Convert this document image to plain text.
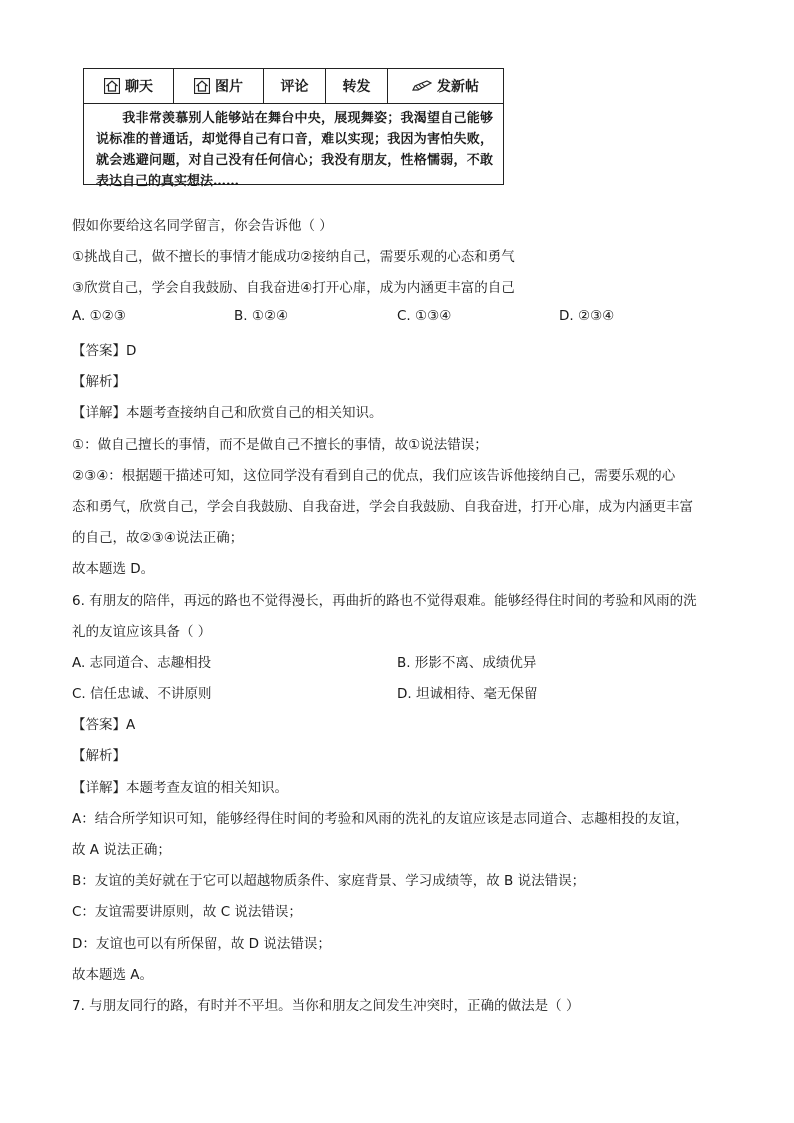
聊天	图片	评论 转发	发新帖
我非常羡慕别人能够站在舞台中央，展现舞姿；我渴望自己能够说标准的普通话，却觉得自己有口音，难以实现；我因为害怕失败，就会逃避问题，对自己没有任何信心；我没有朋友，性格懦弱，不敢表达自己的真实想法……
假如你要给这名同学留言，你会告诉他（ ）
①挑战自己，做不擅长的事情才能成功②接纳自己，需要乐观的心态和勇气
③欣赏自己，学会自我鼓励、自我奋进④打开心扉，成为内涵更丰富的自己
A. ①②③	B. ①②④	C. ①③④	D. ②③④
【答案】D
【解析】
【详解】本题考查接纳自己和欣赏自己的相关知识。
①：做自己擅长的事情，而不是做自己不擅长的事情，故①说法错误；
②③④：根据题干描述可知，这位同学没有看到自己的优点，我们应该告诉他接纳自己，需要乐观的心
态和勇气，欣赏自己，学会自我鼓励、自我奋进，学会自我鼓励、自我奋进，打开心扉，成为内涵更丰富
的自己，故②③④说法正确；
故本题选 D。
6. 有朋友的陪伴，再远的路也不觉得漫长，再曲折的路也不觉得艰难。能够经得住时间的考验和风雨的洗
礼的友谊应该具备（ ）
A. 志同道合、志趣相投	B. 形影不离、成绩优异
C. 信任忠诚、不讲原则	D. 坦诚相待、毫无保留
【答案】A
【解析】
【详解】本题考查友谊的相关知识。
A：结合所学知识可知，能够经得住时间的考验和风雨的洗礼的友谊应该是志同道合、志趣相投的友谊，
故 A 说法正确；
B：友谊的美好就在于它可以超越物质条件、家庭背景、学习成绩等，故 B 说法错误；
C：友谊需要讲原则，故 C 说法错误；
D：友谊也可以有所保留，故 D 说法错误；
故本题选 A。
7. 与朋友同行的路，有时并不平坦。当你和朋友之间发生冲突时，正确的做法是（ ）
